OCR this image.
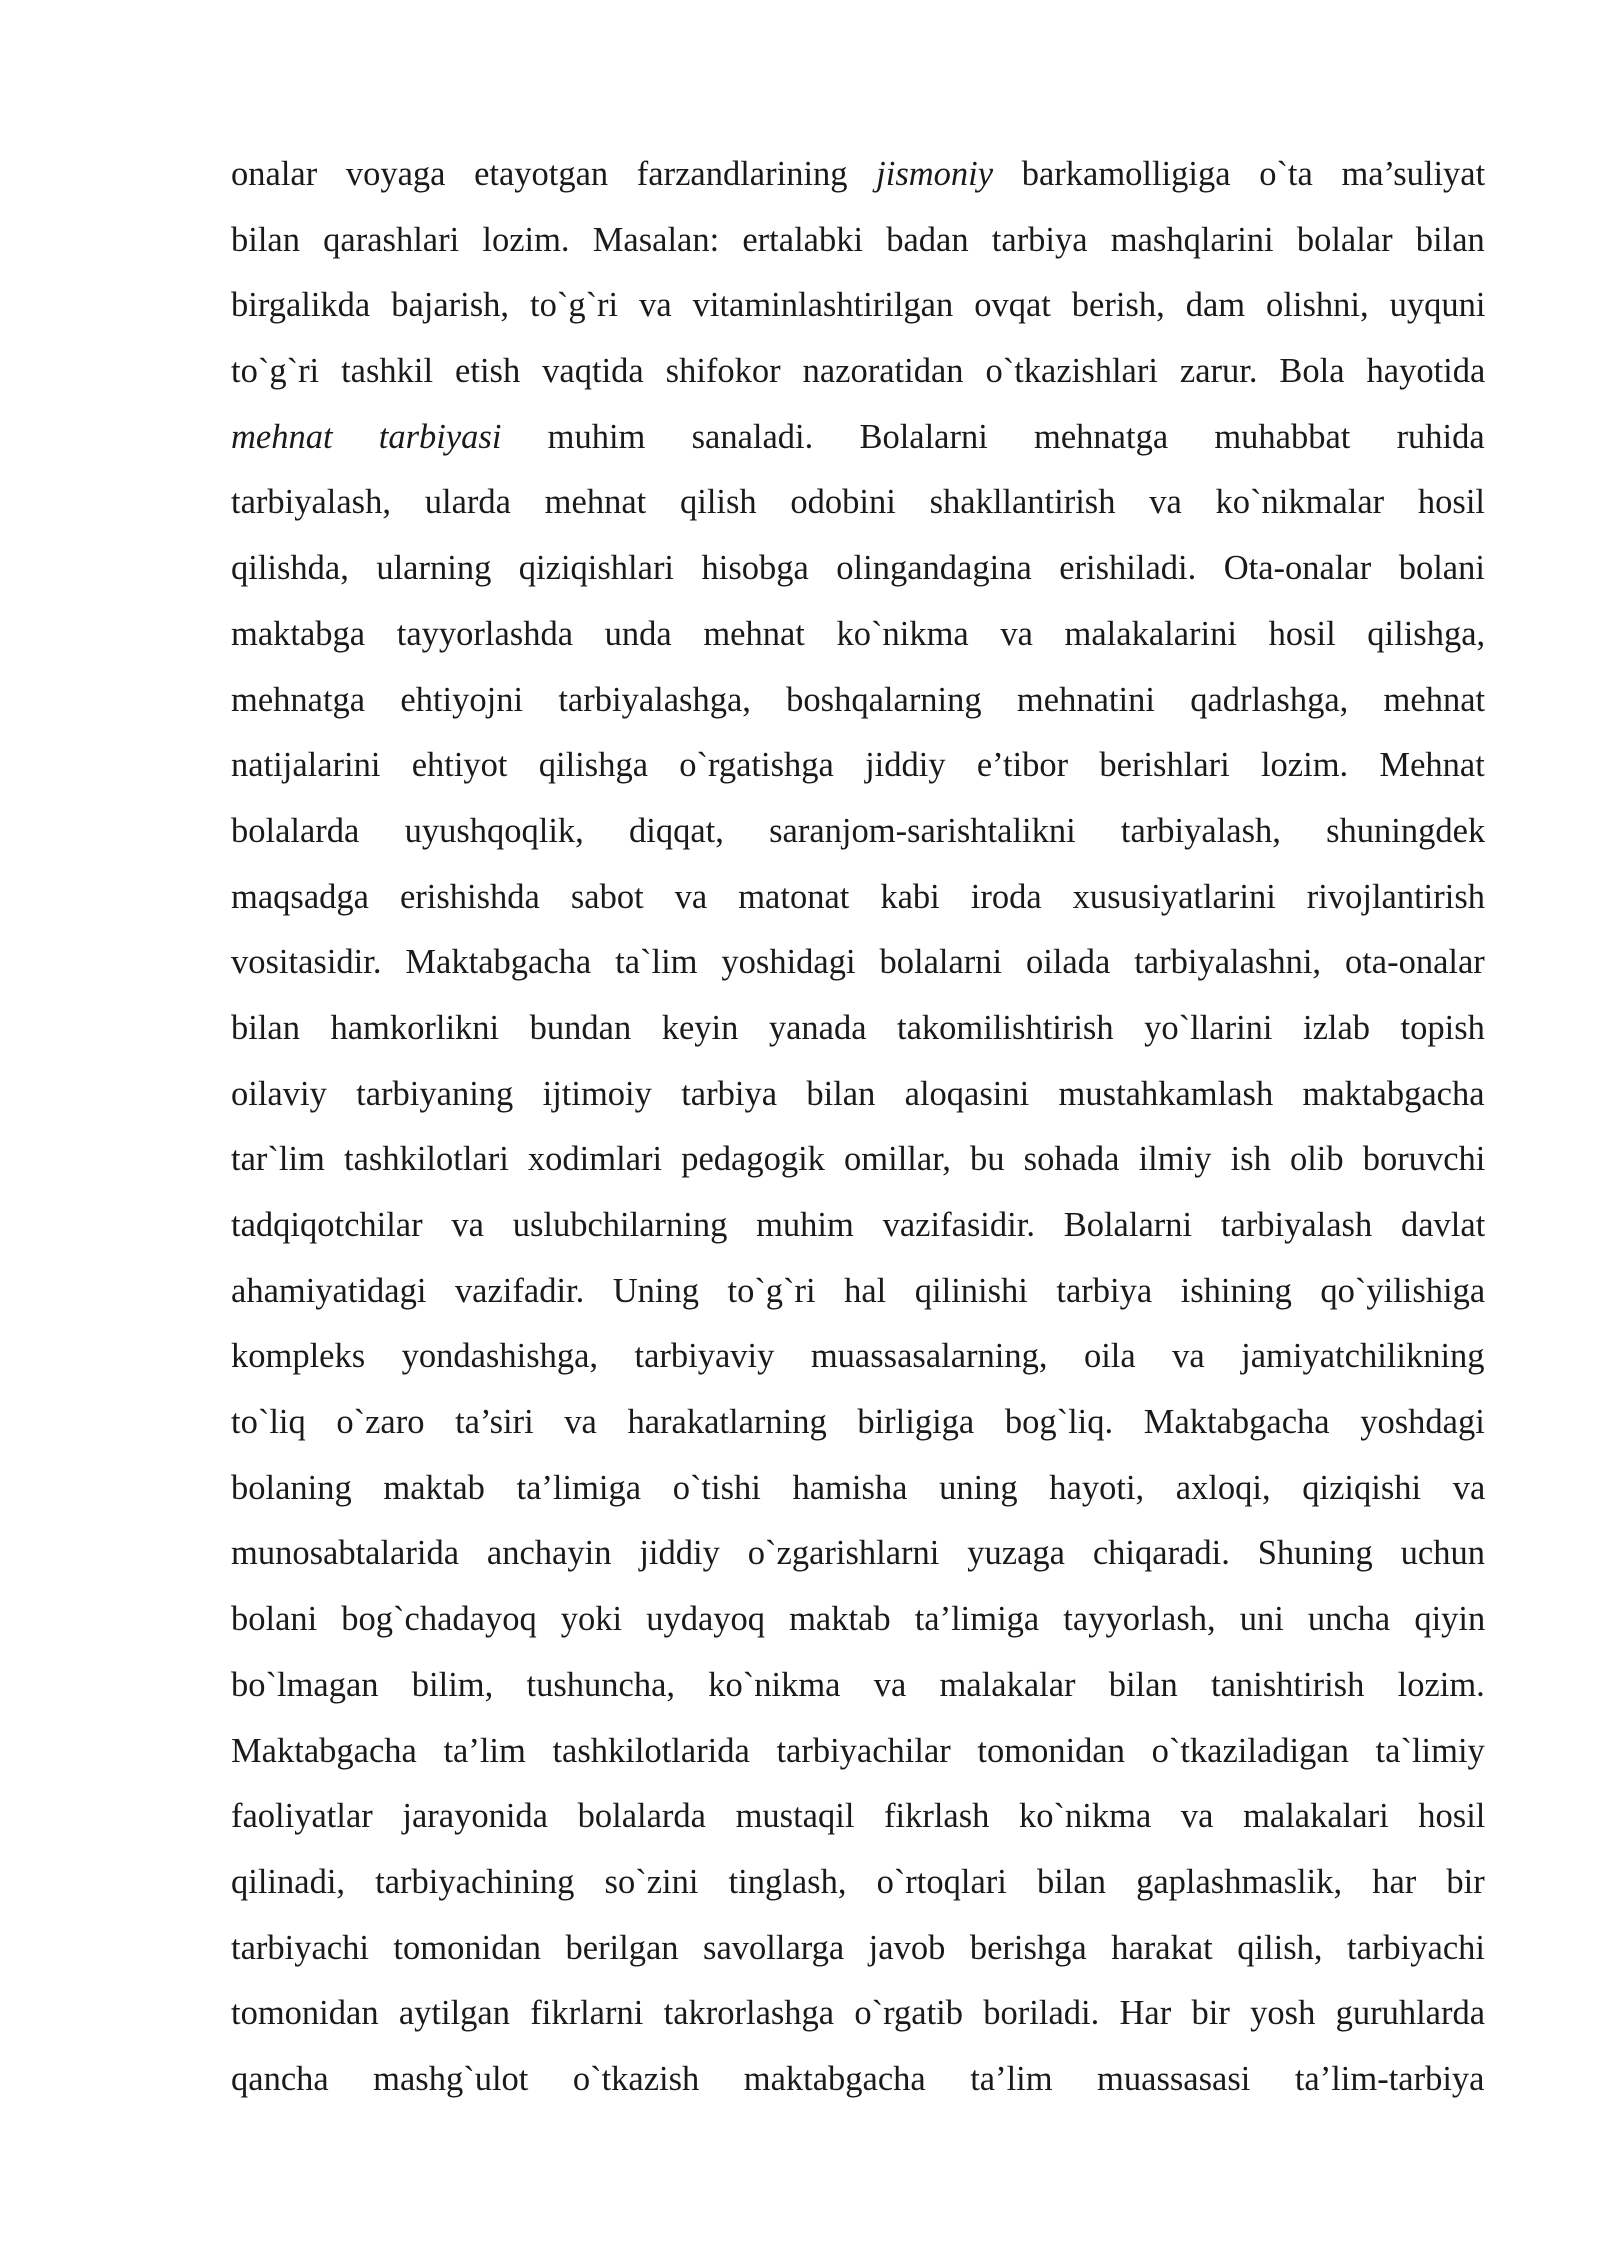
onalar voyaga etayotgan farzandlarining jismoniy barkamolligiga o`ta ma’suliyat
bilan qarashlari lozim. Masalan: ertalabki badan tarbiya mashqlarini bolalar bilan
birgalikda bajarish, to`g`ri va vitaminlashtirilgan ovqat berish, dam olishni, uyquni
to`g`ri tashkil etish vaqtida shifokor nazoratidan o`tkazishlari zarur. Bola hayotida
mehnat tarbiyasi muhim sanaladi. Bolalarni mehnatga muhabbat ruhida
tarbiyalash, ularda mehnat qilish odobini shakllantirish va ko`nikmalar hosil
qilishda, ularning qiziqishlari hisobga olingandagina erishiladi. Ota-onalar bolani
maktabga tayyorlashda unda mehnat ko`nikma va malakalarini hosil qilishga,
mehnatga ehtiyojni tarbiyalashga, boshqalarning mehnatini qadrlashga, mehnat
natijalarini ehtiyot qilishga o`rgatishga jiddiy e’tibor berishlari lozim. Mehnat
bolalarda uyushqoqlik, diqqat, saranjom-sarishtalikni tarbiyalash, shuningdek
maqsadga erishishda sabot va matonat kabi iroda xususiyatlarini rivojlantirish
vositasidir. Maktabgacha ta`lim yoshidagi bolalarni oilada tarbiyalashni, ota-onalar
bilan hamkorlikni bundan keyin yanada takomilishtirish yo`llarini izlab topish
oilaviy tarbiyaning ijtimoiy tarbiya bilan aloqasini mustahkamlash maktabgacha
tar`lim tashkilotlari xodimlari pedagogik omillar, bu sohada ilmiy ish olib boruvchi
tadqiqotchilar va uslubchilarning muhim vazifasidir. Bolalarni tarbiyalash davlat
ahamiyatidagi vazifadir. Uning to`g`ri hal qilinishi tarbiya ishining qo`yilishiga
kompleks yondashishga, tarbiyaviy muassasalarning, oila va jamiyatchilikning
to`liq o`zaro ta’siri va harakatlarning birligiga bog`liq. Maktabgacha yoshdagi
bolaning maktab ta’limiga o`tishi hamisha uning hayoti, axloqi, qiziqishi va
munosabtalarida anchayin jiddiy o`zgarishlarni yuzaga chiqaradi. Shuning uchun
bolani bog`chadayoq yoki uydayoq maktab ta’limiga tayyorlash, uni uncha qiyin
bo`lmagan bilim, tushuncha, ko`nikma va malakalar bilan tanishtirish lozim.
Maktabgacha ta’lim tashkilotlarida tarbiyachilar tomonidan o`tkaziladigan ta`limiy
faoliyatlar jarayonida bolalarda mustaqil fikrlash ko`nikma va malakalari hosil
qilinadi, tarbiyachining so`zini tinglash, o`rtoqlari bilan gaplashmaslik, har bir
tarbiyachi tomonidan berilgan savollarga javob berishga harakat qilish, tarbiyachi
tomonidan aytilgan fikrlarni takrorlashga o`rgatib boriladi. Har bir yosh guruhlarda
qancha mashg`ulot o`tkazish maktabgacha ta’lim muassasasi ta’lim-tarbiya
